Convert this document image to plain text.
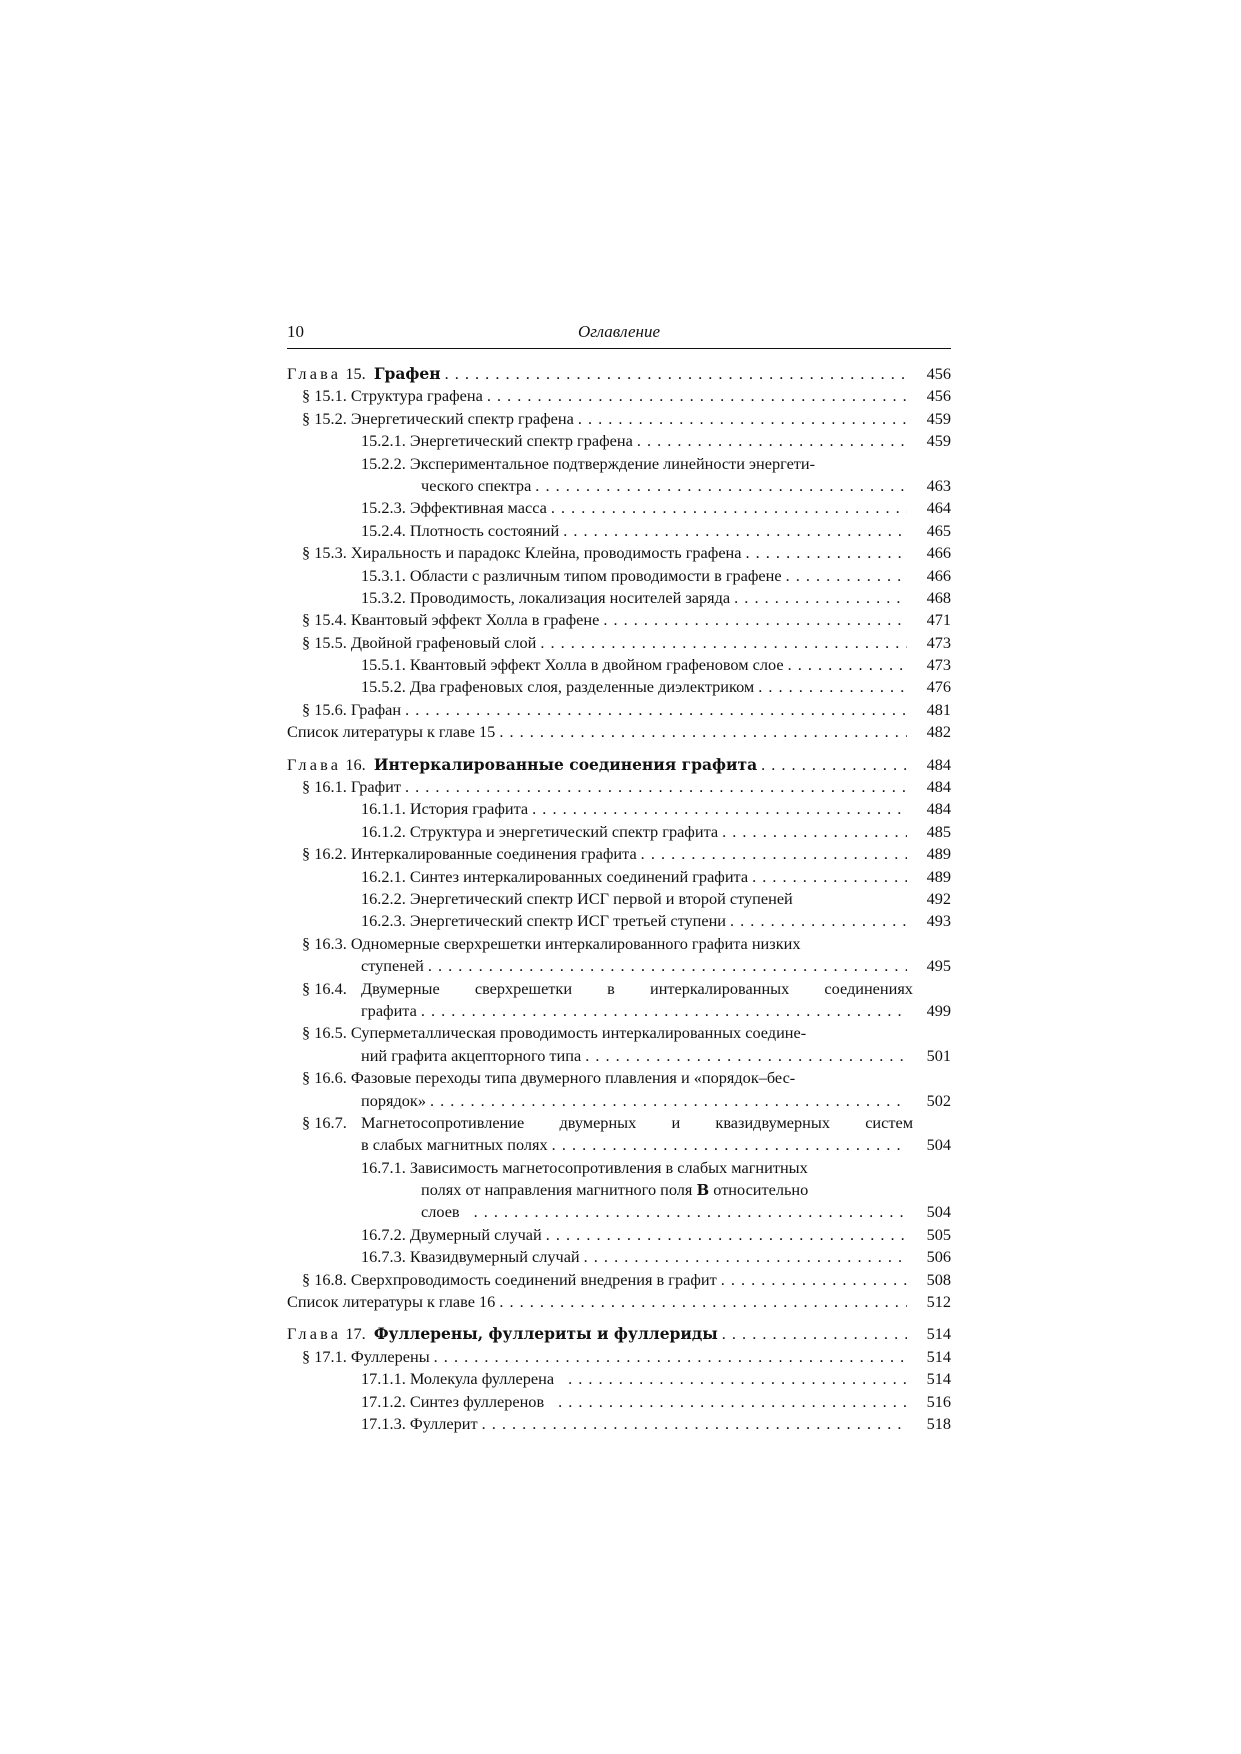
10	Оглавление
Глава 15. Графен . . .	456
§ 15.1. Структура графена . . .	456
§ 15.2. Энергетический спектр графена . . .	459
15.2.1. Энергетический спектр графена . . .	459
15.2.2. Экспериментальное подтверждение линейности энергети-
ческого спектра . . .	463
15.2.3. Эффективная масса . . .	464
15.2.4. Плотность состояний . . .	465
§ 15.3. Хиральность и парадокс Клейна, проводимость графена . . .	466
15.3.1. Области с различным типом проводимости в графене . . .	466
15.3.2. Проводимость, локализация носителей заряда . . .	468
§ 15.4. Квантовый эффект Холла в графене . . .	471
§ 15.5. Двойной графеновый слой . . .	473
15.5.1. Квантовый эффект Холла в двойном графеновом слое . . .	473
15.5.2. Два графеновых слоя, разделенные диэлектриком . . .	476
§ 15.6. Графан . . .	481
Список литературы к главе 15 . . .	482
Глава 16. Интеркалированные соединения графита . . .	484
§ 16.1. Графит . . .	484
16.1.1. История графита . . .	484
16.1.2. Структура и энергетический спектр графита . . .	485
§ 16.2. Интеркалированные соединения графита . . .	489
16.2.1. Синтез интеркалированных соединений графита . . .	489
16.2.2. Энергетический спектр ИСГ первой и второй ступеней	492
16.2.3. Энергетический спектр ИСГ третьей ступени . . .	493
§ 16.3. Одномерные сверхрешетки интеркалированного графита низких
ступеней . . .	495
§ 16.4. Двумерные сверхрешетки в интеркалированных соединениях
графита . . .	499
§ 16.5. Суперметаллическая проводимость интеркалированных соедине-
ний графита акцепторного типа . . .	501
§ 16.6. Фазовые переходы типа двумерного плавления и «порядок–бес-
порядок» . . .	502
§ 16.7. Магнетосопротивление двумерных и квазидвумерных систем
в слабых магнитных полях . . .	504
16.7.1. Зависимость магнетосопротивления в слабых магнитных
полях от направления магнитного поля B относительно
слоев . . .	504
16.7.2. Двумерный случай . . .	505
16.7.3. Квазидвумерный случай . . .	506
§ 16.8. Сверхпроводимость соединений внедрения в графит . . .	508
Список литературы к главе 16 . . .	512
Глава 17. Фуллерены, фуллериты и фуллериды . . .	514
§ 17.1. Фуллерены . . .	514
17.1.1. Молекула фуллерена . . .	514
17.1.2. Синтез фуллеренов . . .	516
17.1.3. Фуллерит . . .	518
